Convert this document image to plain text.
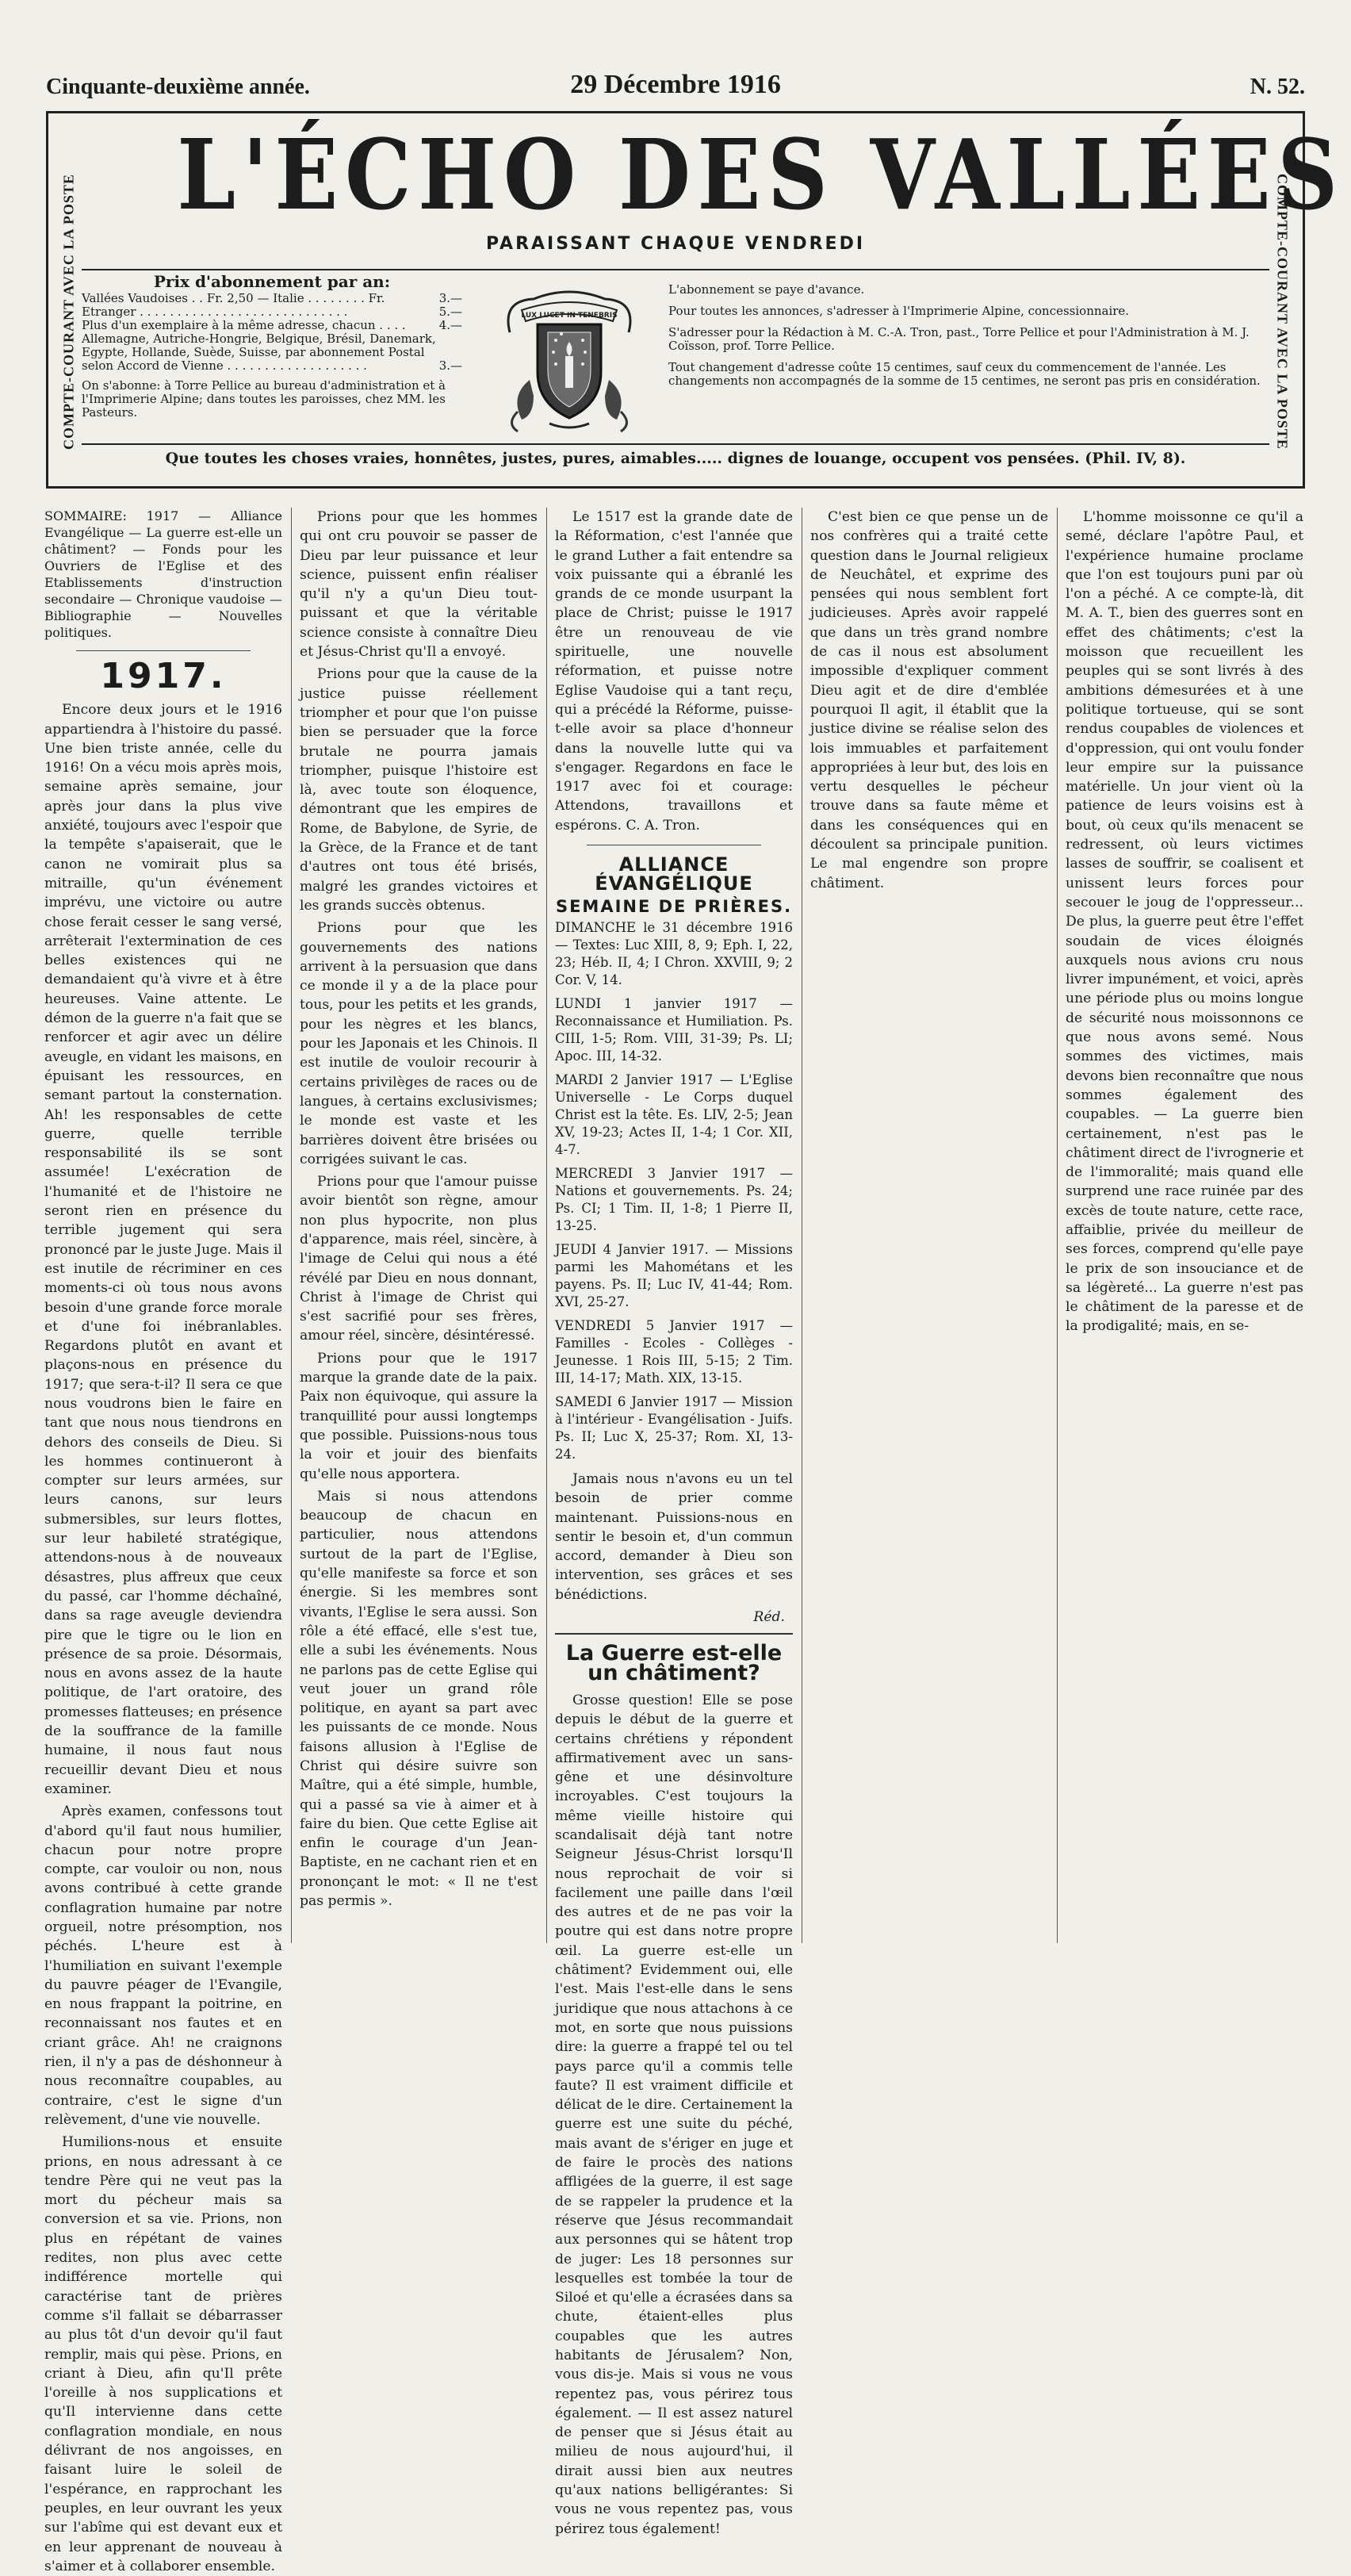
Cinquante-deuxième année.	29 Décembre 1916	N. 52.
COMPTE-COURANT AVEC LA POSTE	COMPTE-COURANT AVEC LA POSTE
L'ÉCHO DES VALLÉES
PARAISSANT CHAQUE VENDREDI
Prix d'abonnement par an:
Vallées Vaudoises . . Fr. 2,50 — Italie . . . . . . . . Fr.	3.—
Etranger . . . . . . . . . . . . . . . . . . . . . . . . . . . .	5.—
Plus d'un exemplaire à la même adresse, chacun . . . .	4.—
Allemagne, Autriche-Hongrie, Belgique, Brésil, Danemark,
Egypte, Hollande, Suède, Suisse, par abonnement Postal
selon Accord de Vienne . . . . . . . . . . . . . . . . . . .	3.—
On s'abonne: à Torre Pellice au bureau d'administration et à l'Imprimerie Alpine; dans toutes les paroisses, chez MM. les Pasteurs.
LUX LUCET IN TENEBRIS

L'abonnement se paye d'avance.

Pour toutes les annonces, s'adresser à l'Imprimerie Alpine, concessionnaire.

S'adresser pour la Rédaction à M. C.-A. Tron, past., Torre Pellice et pour l'Administration à M. J. Coïsson, prof. Torre Pellice.

Tout changement d'adresse coûte 15 centimes, sauf ceux du commencement de l'année. Les changements non accompagnés de la somme de 15 centimes, ne seront pas pris en considération.

Que toutes les choses vraies, honnêtes, justes, pures, aimables..... dignes de louange, occupent vos pensées. (Phil. IV, 8).

SOMMAIRE: 1917 — Alliance Evangélique — La guerre est-elle un châtiment? — Fonds pour les Ouvriers de l'Eglise et des Etablissements d'instruction secondaire — Chronique vaudoise — Bibliographie — Nouvelles politiques.

1917.

Encore deux jours et le 1916 appartiendra à l'histoire du passé. Une bien triste année, celle du 1916! On a vécu mois après mois, semaine après semaine, jour après jour dans la plus vive anxiété, toujours avec l'espoir que la tempête s'apaiserait, que le canon ne vomirait plus sa mitraille, qu'un événement imprévu, une victoire ou autre chose ferait cesser le sang versé, arrêterait l'extermination de ces belles existences qui ne demandaient qu'à vivre et à être heureuses. Vaine attente. Le démon de la guerre n'a fait que se renforcer et agir avec un délire aveugle, en vidant les maisons, en épuisant les ressources, en semant partout la consternation. Ah! les responsables de cette guerre, quelle terrible responsabilité ils se sont assumée! L'exécration de l'humanité et de l'histoire ne seront rien en présence du terrible jugement qui sera prononcé par le juste Juge. Mais il est inutile de récriminer en ces moments-ci où tous nous avons besoin d'une grande force morale et d'une foi inébranlables. Regardons plutôt en avant et plaçons-nous en présence du 1917; que sera-t-il? Il sera ce que nous voudrons bien le faire en tant que nous nous tiendrons en dehors des conseils de Dieu. Si les hommes continueront à compter sur leurs armées, sur leurs canons, sur leurs submersibles, sur leurs flottes, sur leur habileté stratégique, attendons-nous à de nouveaux désastres, plus affreux que ceux du passé, car l'homme déchaîné, dans sa rage aveugle deviendra pire que le tigre ou le lion en présence de sa proie. Désormais, nous en avons assez de la haute politique, de l'art oratoire, des promesses flatteuses; en présence de la souffrance de la famille humaine, il nous faut nous recueillir devant Dieu et nous examiner.

Après examen, confessons tout d'abord qu'il faut nous humilier, chacun pour notre propre compte, car vouloir ou non, nous avons contribué à cette grande conflagration humaine par notre orgueil, notre présomption, nos péchés. L'heure est à l'humiliation en suivant l'exemple du pauvre péager de l'Evangile, en nous frappant la poitrine, en reconnaissant nos fautes et en criant grâce. Ah! ne craignons rien, il n'y a pas de déshonneur à nous reconnaître coupables, au contraire, c'est le signe d'un relèvement, d'une vie nouvelle.

Humilions-nous et ensuite prions, en nous adressant à ce tendre Père qui ne veut pas la mort du pécheur mais sa conversion et sa vie. Prions, non plus en répétant de vaines redites, non plus avec cette indifférence mortelle qui caractérise tant de prières comme s'il fallait se débarrasser au plus tôt d'un devoir qu'il faut remplir, mais qui pèse. Prions, en criant à Dieu, afin qu'Il prête l'oreille à nos supplications et qu'Il intervienne dans cette conflagration mondiale, en nous délivrant de nos angoisses, en faisant luire le soleil de l'espérance, en rapprochant les peuples, en leur ouvrant les yeux sur l'abîme qui est devant eux et en leur apprenant de nouveau à s'aimer et à collaborer ensemble.

Prions pour que les hommes qui ont cru pouvoir se passer de Dieu par leur puissance et leur science, puissent enfin réaliser qu'il n'y a qu'un Dieu tout-puissant et que la véritable science consiste à connaître Dieu et Jésus-Christ qu'Il a envoyé.

Prions pour que la cause de la justice puisse réellement triompher et pour que l'on puisse bien se persuader que la force brutale ne pourra jamais triompher, puisque l'histoire est là, avec toute son éloquence, démontrant que les empires de Rome, de Babylone, de Syrie, de la Grèce, de la France et de tant d'autres ont tous été brisés, malgré les grandes victoires et les grands succès obtenus.

Prions pour que les gouvernements des nations arrivent à la persuasion que dans ce monde il y a de la place pour tous, pour les petits et les grands, pour les nègres et les blancs, pour les Japonais et les Chinois. Il est inutile de vouloir recourir à certains privilèges de races ou de langues, à certains exclusivismes; le monde est vaste et les barrières doivent être brisées ou corrigées suivant le cas.

Prions pour que l'amour puisse avoir bientôt son règne, amour non plus hypocrite, non plus d'apparence, mais réel, sincère, à l'image de Celui qui nous a été révélé par Dieu en nous donnant, Christ à l'image de Christ qui s'est sacrifié pour ses frères, amour réel, sincère, désintéressé.

Prions pour que le 1917 marque la grande date de la paix. Paix non équivoque, qui assure la tranquillité pour aussi longtemps que possible. Puissions-nous tous la voir et jouir des bienfaits qu'elle nous apportera.

Mais si nous attendons beaucoup de chacun en particulier, nous attendons surtout de la part de l'Eglise, qu'elle manifeste sa force et son énergie. Si les membres sont vivants, l'Eglise le sera aussi. Son rôle a été effacé, elle s'est tue, elle a subi les événements. Nous ne parlons pas de cette Eglise qui veut jouer un grand rôle politique, en ayant sa part avec les puissants de ce monde. Nous faisons allusion à l'Eglise de Christ qui désire suivre son Maître, qui a été simple, humble, qui a passé sa vie à aimer et à faire du bien. Que cette Eglise ait enfin le courage d'un Jean-Baptiste, en ne cachant rien et en prononçant le mot: « Il ne t'est pas permis ».

Le 1517 est la grande date de la Réformation, c'est l'année que le grand Luther a fait entendre sa voix puissante qui a ébranlé les grands de ce monde usurpant la place de Christ; puisse le 1917 être un renouveau de vie spirituelle, une nouvelle réformation, et puisse notre Eglise Vaudoise qui a tant reçu, qui a précédé la Réforme, puisse-t-elle avoir sa place d'honneur dans la nouvelle lutte qui va s'engager. Regardons en face le 1917 avec foi et courage: Attendons, travaillons et espérons. C. A. Tron.

ALLIANCE ÉVANGÉLIQUE
SEMAINE DE PRIÈRES.

DIMANCHE le 31 décembre 1916 — Textes: Luc XIII, 8, 9; Eph. I, 22, 23; Héb. II, 4; I Chron. XXVIII, 9; 2 Cor. V, 14.

LUNDI 1 janvier 1917 — Reconnaissance et Humiliation. Ps. CIII, 1-5; Rom. VIII, 31-39; Ps. LI; Apoc. III, 14-32.

MARDI 2 Janvier 1917 — L'Eglise Universelle - Le Corps duquel Christ est la tête. Es. LIV, 2-5; Jean XV, 19-23; Actes II, 1-4; 1 Cor. XII, 4-7.

MERCREDI 3 Janvier 1917 — Nations et gouvernements. Ps. 24; Ps. CI; 1 Tim. II, 1-8; 1 Pierre II, 13-25.

JEUDI 4 Janvier 1917. — Missions parmi les Mahométans et les payens. Ps. II; Luc IV, 41-44; Rom. XVI, 25-27.

VENDREDI 5 Janvier 1917 — Familles - Ecoles - Collèges - Jeunesse. 1 Rois III, 5-15; 2 Tim. III, 14-17; Math. XIX, 13-15.

SAMEDI 6 Janvier 1917 — Mission à l'intérieur - Evangélisation - Juifs. Ps. II; Luc X, 25-37; Rom. XI, 13-24.

Jamais nous n'avons eu un tel besoin de prier comme maintenant. Puissions-nous en sentir le besoin et, d'un commun accord, demander à Dieu son intervention, ses grâces et ses bénédictions.

Réd.

La Guerre est-elle un châtiment?

Grosse question! Elle se pose depuis le début de la guerre et certains chrétiens y répondent affirmativement avec un sans-gêne et une désinvolture incroyables. C'est toujours la même vieille histoire qui scandalisait déjà tant notre Seigneur Jésus-Christ lorsqu'Il nous reprochait de voir si facilement une paille dans l'œil des autres et de ne pas voir la poutre qui est dans notre propre œil. La guerre est-elle un châtiment? Evidemment oui, elle l'est. Mais l'est-elle dans le sens juridique que nous attachons à ce mot, en sorte que nous puissions dire: la guerre a frappé tel ou tel pays parce qu'il a commis telle faute? Il est vraiment difficile et délicat de le dire. Certainement la guerre est une suite du péché, mais avant de s'ériger en juge et de faire le procès des nations affligées de la guerre, il est sage de se rappeler la prudence et la réserve que Jésus recommandait aux personnes qui se hâtent trop de juger: Les 18 personnes sur lesquelles est tombée la tour de Siloé et qu'elle a écrasées dans sa chute, étaient-elles plus coupables que les autres habitants de Jérusalem? Non, vous dis-je. Mais si vous ne vous repentez pas, vous périrez tous également. — Il est assez naturel de penser que si Jésus était au milieu de nous aujourd'hui, il dirait aussi bien aux neutres qu'aux nations belligérantes: Si vous ne vous repentez pas, vous périrez tous également!

C'est bien ce que pense un de nos confrères qui a traité cette question dans le Journal religieux de Neuchâtel, et exprime des pensées qui nous semblent fort judicieuses. Après avoir rappelé que dans un très grand nombre de cas il nous est absolument impossible d'expliquer comment Dieu agit et de dire d'emblée pourquoi Il agit, il établit que la justice divine se réalise selon des lois immuables et parfaitement appropriées à leur but, des lois en vertu desquelles le pécheur trouve dans sa faute même et dans les conséquences qui en découlent sa principale punition. Le mal engendre son propre châtiment.

L'homme moissonne ce qu'il a semé, déclare l'apôtre Paul, et l'expérience humaine proclame que l'on est toujours puni par où l'on a péché. A ce compte-là, dit M. A. T., bien des guerres sont en effet des châtiments; c'est la moisson que recueillent les peuples qui se sont livrés à des ambitions démesurées et à une politique tortueuse, qui se sont rendus coupables de violences et d'oppression, qui ont voulu fonder leur empire sur la puissance matérielle. Un jour vient où la patience de leurs voisins est à bout, où ceux qu'ils menacent se redressent, où leurs victimes lasses de souffrir, se coalisent et unissent leurs forces pour secouer le joug de l'oppresseur... De plus, la guerre peut être l'effet soudain de vices éloignés auxquels nous avions cru nous livrer impunément, et voici, après une période plus ou moins longue de sécurité nous moissonnons ce que nous avons semé. Nous sommes des victimes, mais devons bien reconnaître que nous sommes également des coupables. — La guerre bien certainement, n'est pas le châtiment direct de l'ivrognerie et de l'immoralité; mais quand elle surprend une race ruinée par des excès de toute nature, cette race, affaiblie, privée du meilleur de ses forces, comprend qu'elle paye le prix de son insouciance et de sa légèreté... La guerre n'est pas le châtiment de la paresse et de la prodigalité; mais, en se-
